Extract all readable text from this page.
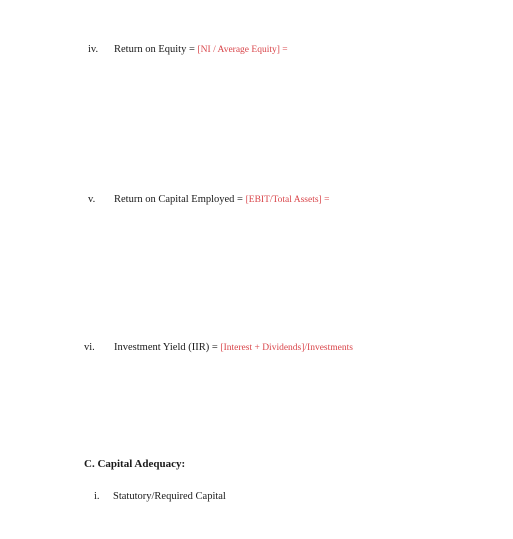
iv. Return on Equity = [NI / Average Equity] =
v. Return on Capital Employed = [EBIT/Total Assets] =
vi. Investment Yield (IIR) = [Interest + Dividends]/Investments
C. Capital Adequacy:
i. Statutory/Required Capital
